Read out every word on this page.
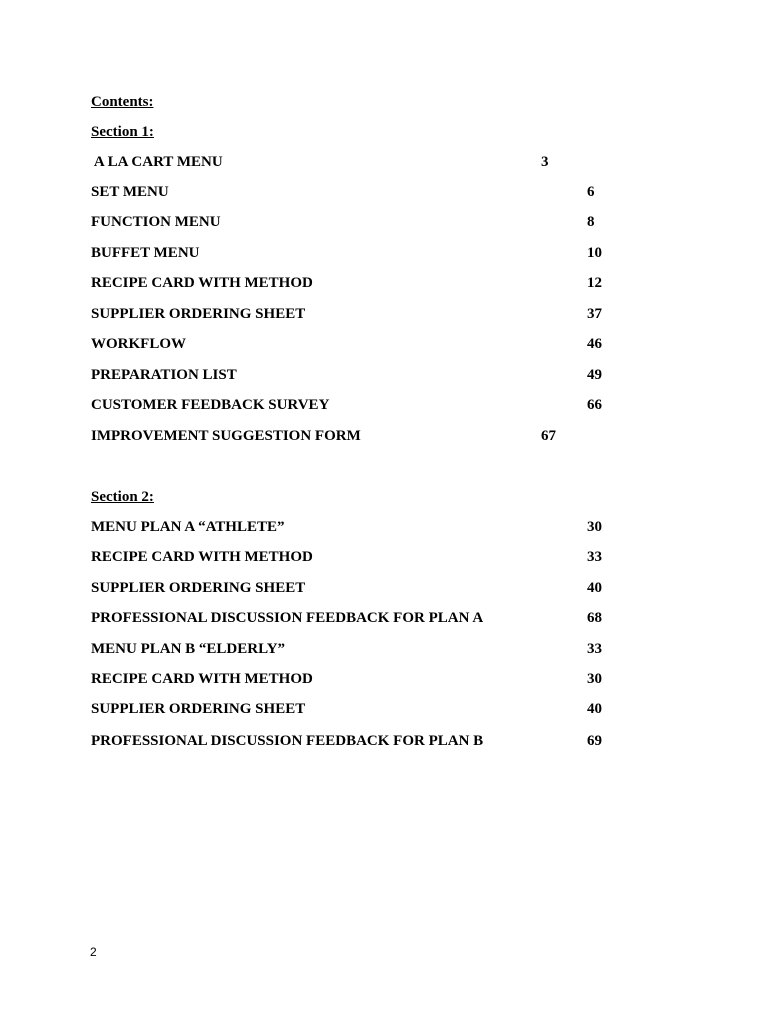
Contents:
Section 1:
A LA CART MENU	3
SET MENU	6
FUNCTION MENU	8
BUFFET MENU	10
RECIPE CARD WITH METHOD	12
SUPPLIER ORDERING SHEET	37
WORKFLOW	46
PREPARATION LIST	49
CUSTOMER FEEDBACK SURVEY	66
IMPROVEMENT SUGGESTION FORM	67
Section 2:
MENU PLAN A “ATHLETE”	30
RECIPE CARD WITH METHOD	33
SUPPLIER ORDERING SHEET	40
PROFESSIONAL DISCUSSION FEEDBACK FOR PLAN A	68
MENU PLAN B “ELDERLY”	33
RECIPE CARD WITH METHOD	30
SUPPLIER ORDERING SHEET	40
PROFESSIONAL DISCUSSION FEEDBACK FOR PLAN B	69
2
